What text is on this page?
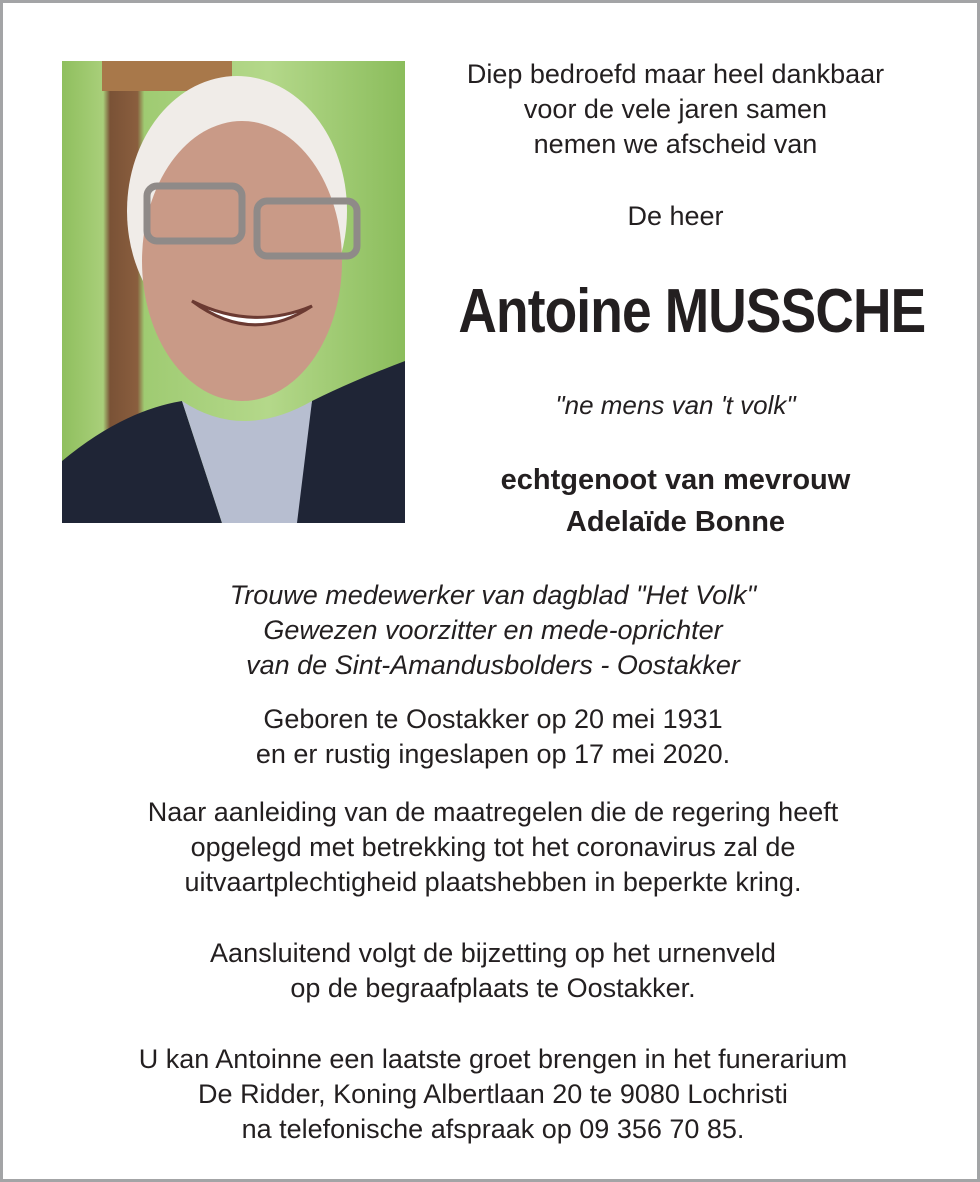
Diep bedroefd maar heel dankbaar
voor de vele jaren samen
nemen we afscheid van
De heer
Antoine MUSSCHE
"ne mens van 't volk"
echtgenoot van mevrouw
Adelaïde Bonne
Trouwe medewerker van dagblad "Het Volk"
Gewezen voorzitter en mede-oprichter
van de Sint-Amandusbolders - Oostakker
Geboren te Oostakker op 20 mei 1931
en er rustig ingeslapen op 17 mei 2020.
Naar aanleiding van de maatregelen die de regering heeft
opgelegd met betrekking tot het coronavirus zal de
uitvaartplechtigheid plaatshebben in beperkte kring.
Aansluitend volgt de bijzetting op het urnenveld
op de begraafplaats te Oostakker.
U kan Antoinne een laatste groet brengen in het funerarium
De Ridder, Koning Albertlaan 20 te 9080 Lochristi
na telefonische afspraak op 09 356 70 85.
